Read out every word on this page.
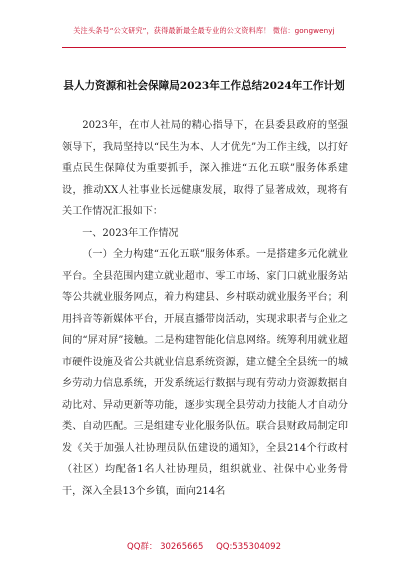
关注头条号“公文研究”，获得最新最全最专业的公文资料库！ 微信：gongwenyj
县人力资源和社会保障局2023年工作总结2024年工作计划

2023年，在市人社局的精心指导下，在县委县政府的坚强领导下，我局坚持以“民生为本、人才优先”为工作主线，以打好重点民生保障仗为重要抓手，深入推进“五化五联”服务体系建设，推动XX人社事业长远健康发展，取得了显著成效，现将有关工作情况汇报如下：

一、2023年工作情况

（一）全力构建“五化五联”服务体系。一是搭建多元化就业平台。全县范围内建立就业超市、零工市场、家门口就业服务站等公共就业服务网点，着力构建县、乡村联动就业服务平台；利用抖音等新媒体平台，开展直播带岗活动，实现求职者与企业之间的“屏对屏”接触。二是构建智能化信息网络。统筹利用就业超市硬件设施及省公共就业信息系统资源，建立健全全县统一的城乡劳动力信息系统，开发系统运行数据与现有劳动力资源数据自动比对、异动更新等功能，逐步实现全县劳动力技能人才自动分类、自动匹配。三是组建专业化服务队伍。联合县财政局制定印发《关于加强人社协理员队伍建设的通知》，全县214个行政村（社区）均配备1名人社协理员，组织就业、社保中心业务骨干，深入全县13个乡镇，面向214名

QQ群： 30265665 QQ:535304092
